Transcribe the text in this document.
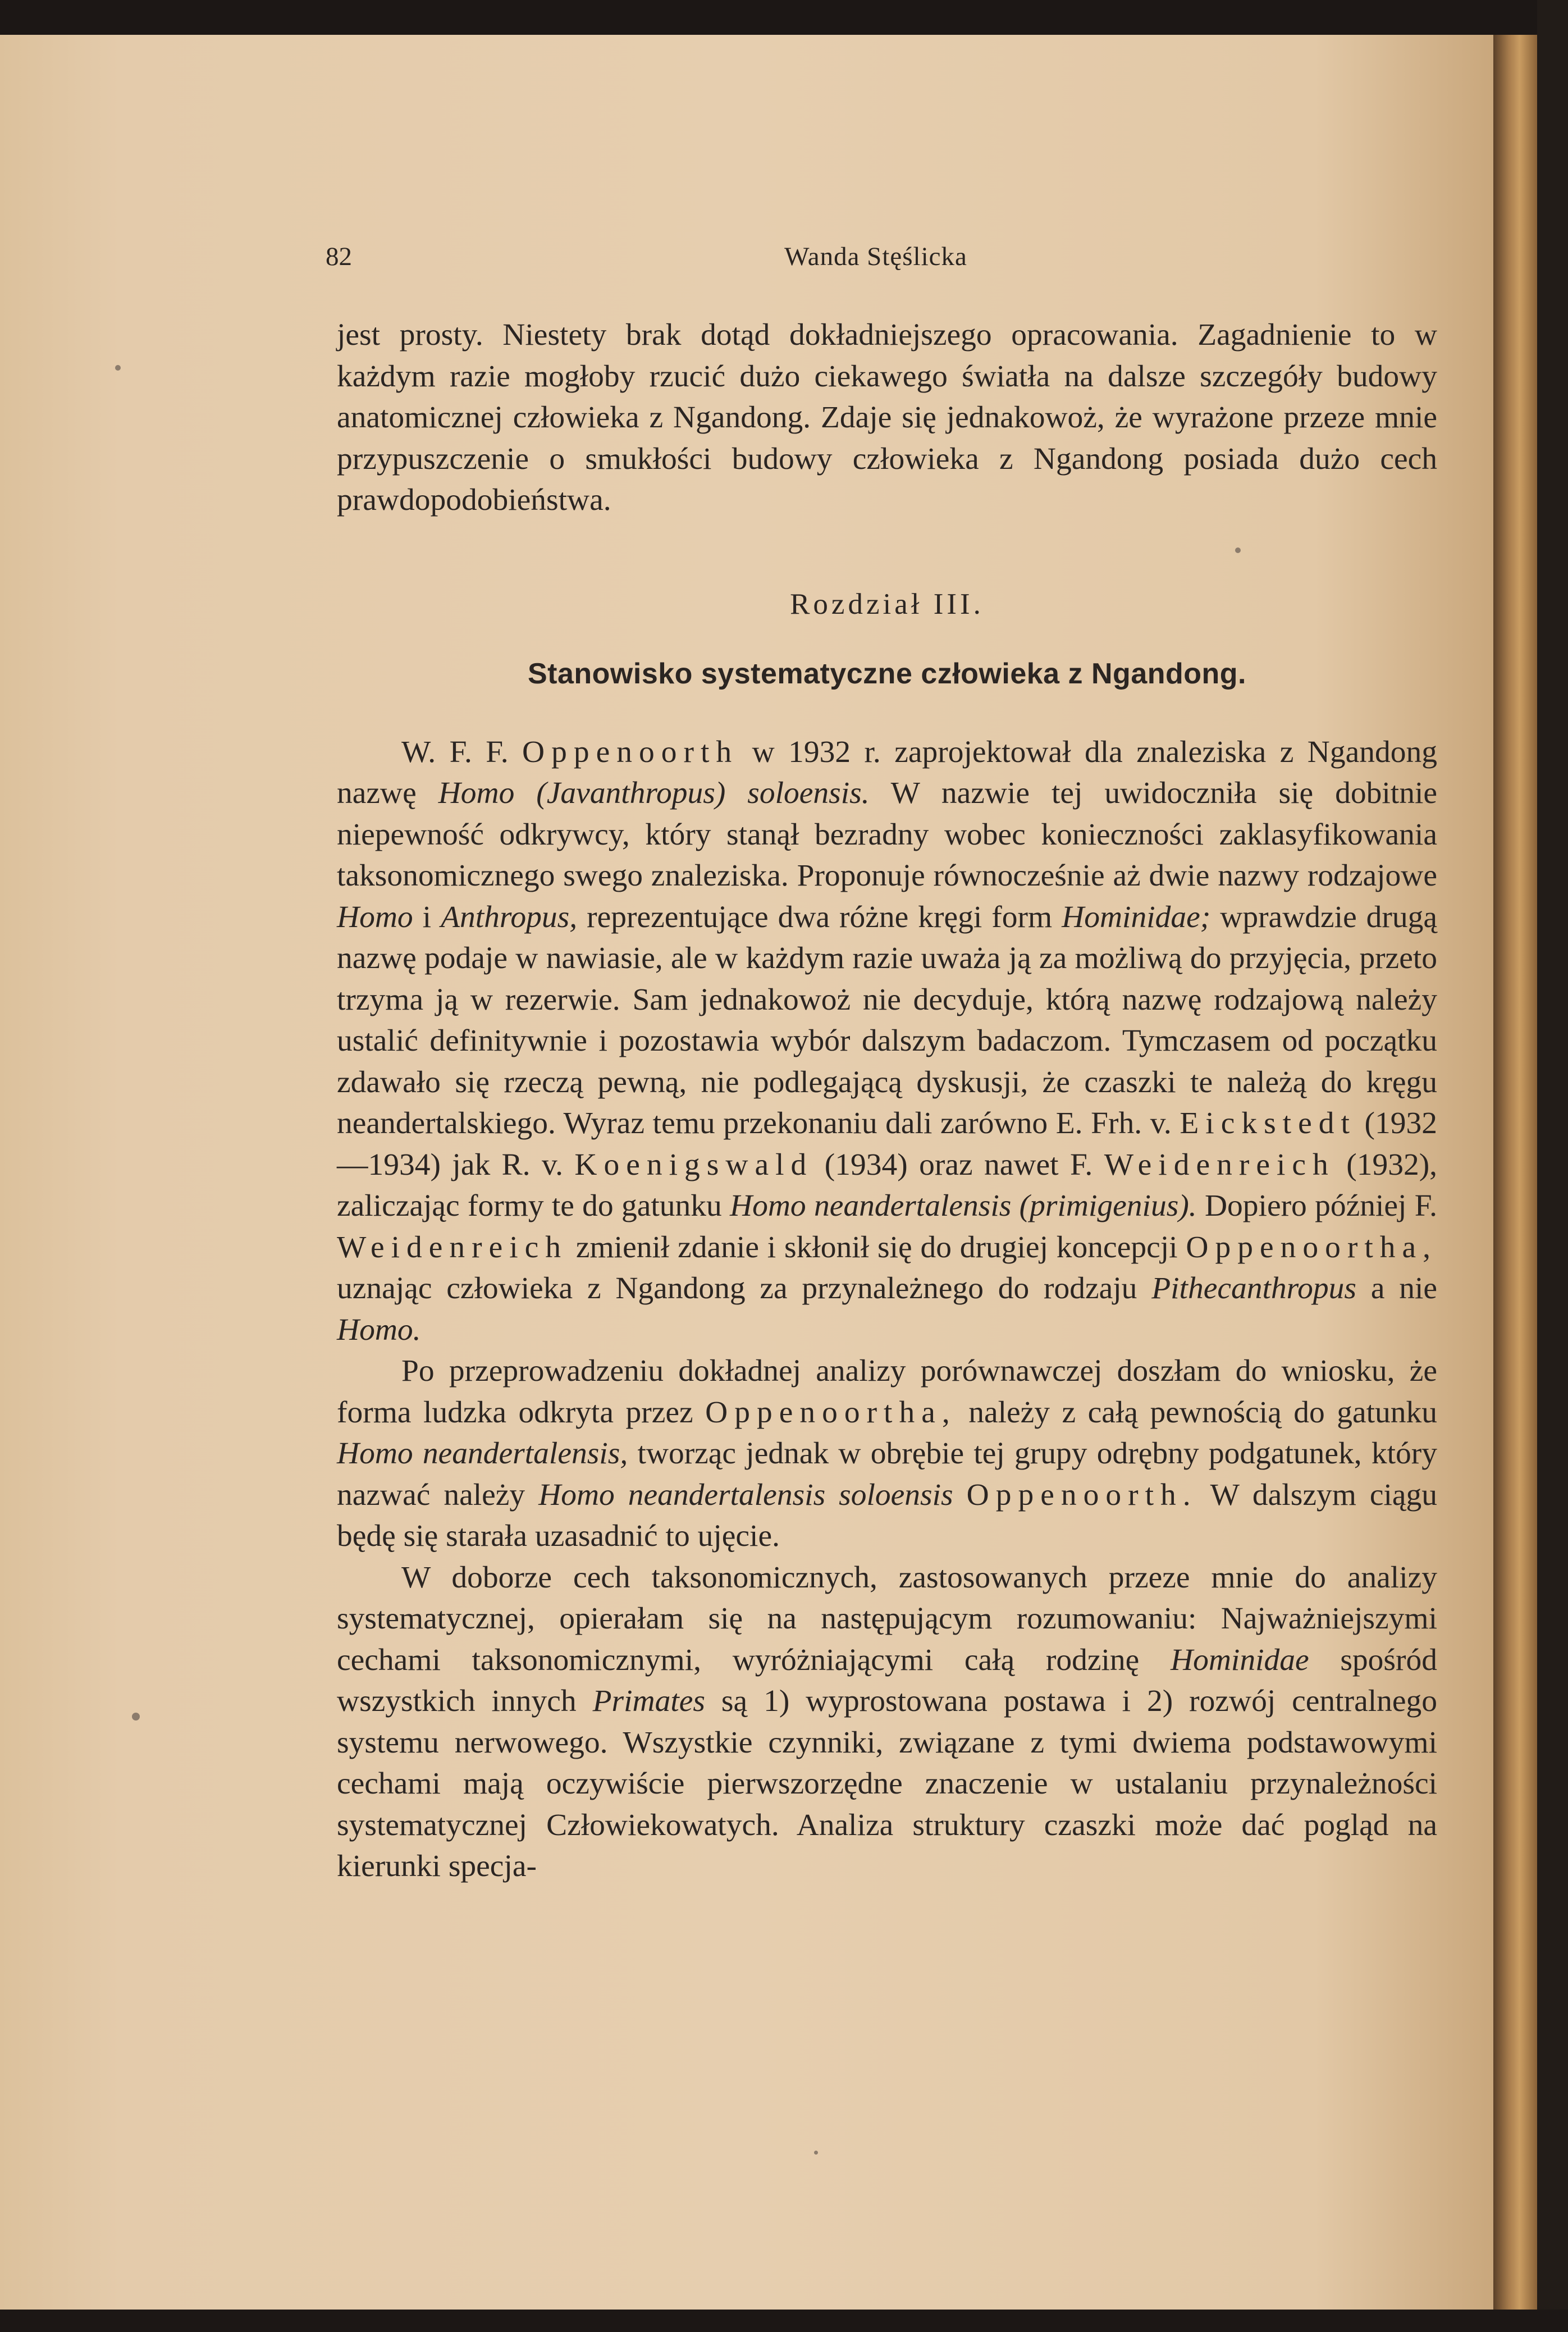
82	Wanda Stęślicka

jest prosty. Niestety brak dotąd dokładniejszego opracowania. Zagadnienie to w każdym razie mogłoby rzucić dużo ciekawego światła na dalsze szczegóły budowy anatomicznej człowieka z Ngandong. Zdaje się jednakowoż, że wyrażone przeze mnie przypuszczenie o smukłości budowy człowieka z Ngandong posiada dużo cech prawdopodobieństwa.

Rozdział III.

Stanowisko systematyczne człowieka z Ngandong.

W. F. F. Oppenoorth w 1932 r. zaprojektował dla znaleziska z Ngandong nazwę Homo (Javanthropus) soloensis. W nazwie tej uwidoczniła się dobitnie niepewność odkrywcy, który stanął bezradny wobec konieczności zaklasyfikowania taksonomicznego swego znaleziska. Proponuje równocześnie aż dwie nazwy rodzajowe Homo i Anthropus, reprezentujące dwa różne kręgi form Hominidae; wprawdzie drugą nazwę podaje w nawiasie, ale w każdym razie uważa ją za możliwą do przyjęcia, przeto trzyma ją w rezerwie. Sam jednakowoż nie decyduje, którą nazwę rodzajową należy ustalić definitywnie i pozostawia wybór dalszym badaczom. Tymczasem od początku zdawało się rzeczą pewną, nie podlegającą dyskusji, że czaszki te należą do kręgu neandertalskiego. Wyraz temu przekonaniu dali zarówno E. Frh. v. Eickstedt (1932—1934) jak R. v. Koenigswald (1934) oraz nawet F. Weidenreich (1932), zaliczając formy te do gatunku Homo neandertalensis (primigenius). Dopiero później F. Weidenreich zmienił zdanie i skłonił się do drugiej koncepcji Oppenoortha, uznając człowieka z Ngandong za przynależnego do rodzaju Pithecanthropus a nie Homo.

Po przeprowadzeniu dokładnej analizy porównawczej doszłam do wniosku, że forma ludzka odkryta przez Oppenoortha, należy z całą pewnością do gatunku Homo neandertalensis, tworząc jednak w obrębie tej grupy odrębny podgatunek, który nazwać należy Homo neandertalensis soloensis Oppenoorth. W dalszym ciągu będę się starała uzasadnić to ujęcie.

W doborze cech taksonomicznych, zastosowanych przeze mnie do analizy systematycznej, opierałam się na następującym rozumowaniu: Najważniejszymi cechami taksonomicznymi, wyróżniającymi całą rodzinę Hominidae spośród wszystkich innych Primates są 1) wyprostowana postawa i 2) rozwój centralnego systemu nerwowego. Wszystkie czynniki, związane z tymi dwiema podstawowymi cechami mają oczywiście pierwszorzędne znaczenie w ustalaniu przynależności systematycznej Człowiekowatych. Analiza struktury czaszki może dać pogląd na kierunki specja-
